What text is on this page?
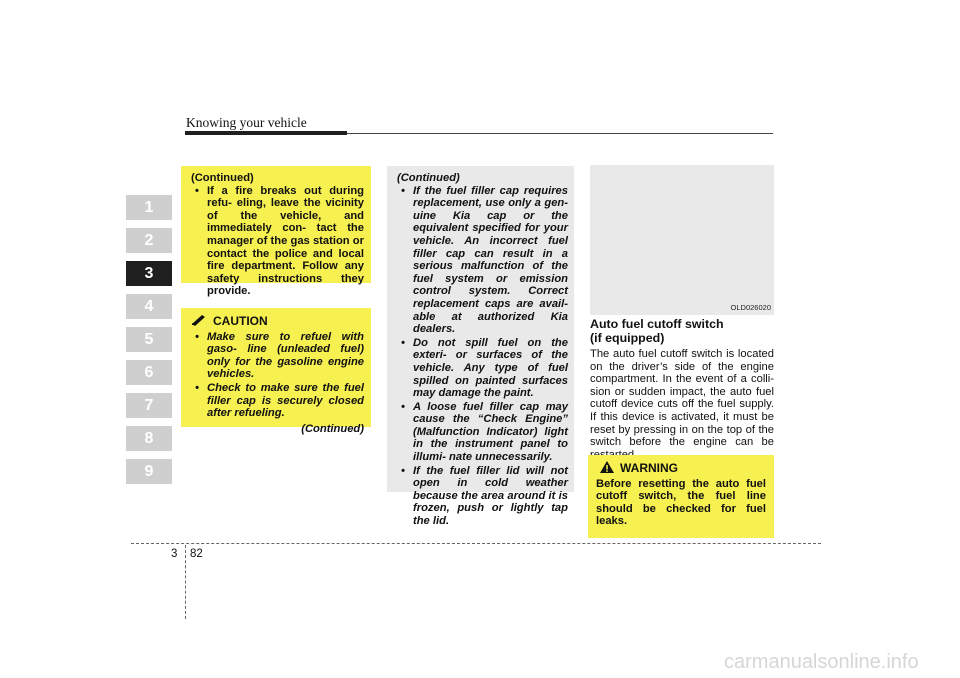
Knowing your vehicle
1
2
3
4
5
6
7
8
9
(Continued)
• If a fire breaks out during refu- eling, leave the vicinity of the vehicle, and immediately con- tact the manager of the gas station or contact the police and local fire department. Follow any safety instructions they provide.
CAUTION
• Make sure to refuel with gaso- line (unleaded fuel) only for the gasoline engine vehicles.
• Check to make sure the fuel filler cap is securely closed after refueling.
(Continued)
(Continued)
• If the fuel filler cap requires replacement, use only a gen- uine Kia cap or the equivalent specified for your vehicle. An incorrect fuel filler cap can result in a serious malfunction of the fuel system or emission control system. Correct replacement caps are avail- able at authorized Kia dealers.
• Do not spill fuel on the exteri- or surfaces of the vehicle. Any type of fuel spilled on painted surfaces may damage the paint.
• A loose fuel filler cap may cause the “Check Engine” (Malfunction Indicator) light in the instrument panel to illumi- nate unnecessarily.
• If the fuel filler lid will not open in cold weather because the area around it is frozen, push or lightly tap the lid.
OLD026020
Auto fuel cutoff switch
(if equipped)
The auto fuel cutoff switch is located on the driver’s side of the engine compartment. In the event of a colli- sion or sudden impact, the auto fuel cutoff device cuts off the fuel supply. If this device is activated, it must be reset by pressing in on the top of the switch before the engine can be
WARNING
Before resetting the auto fuel cutoff switch, the fuel line should be checked for fuel leaks.
3 82
carmanualsonline.info
